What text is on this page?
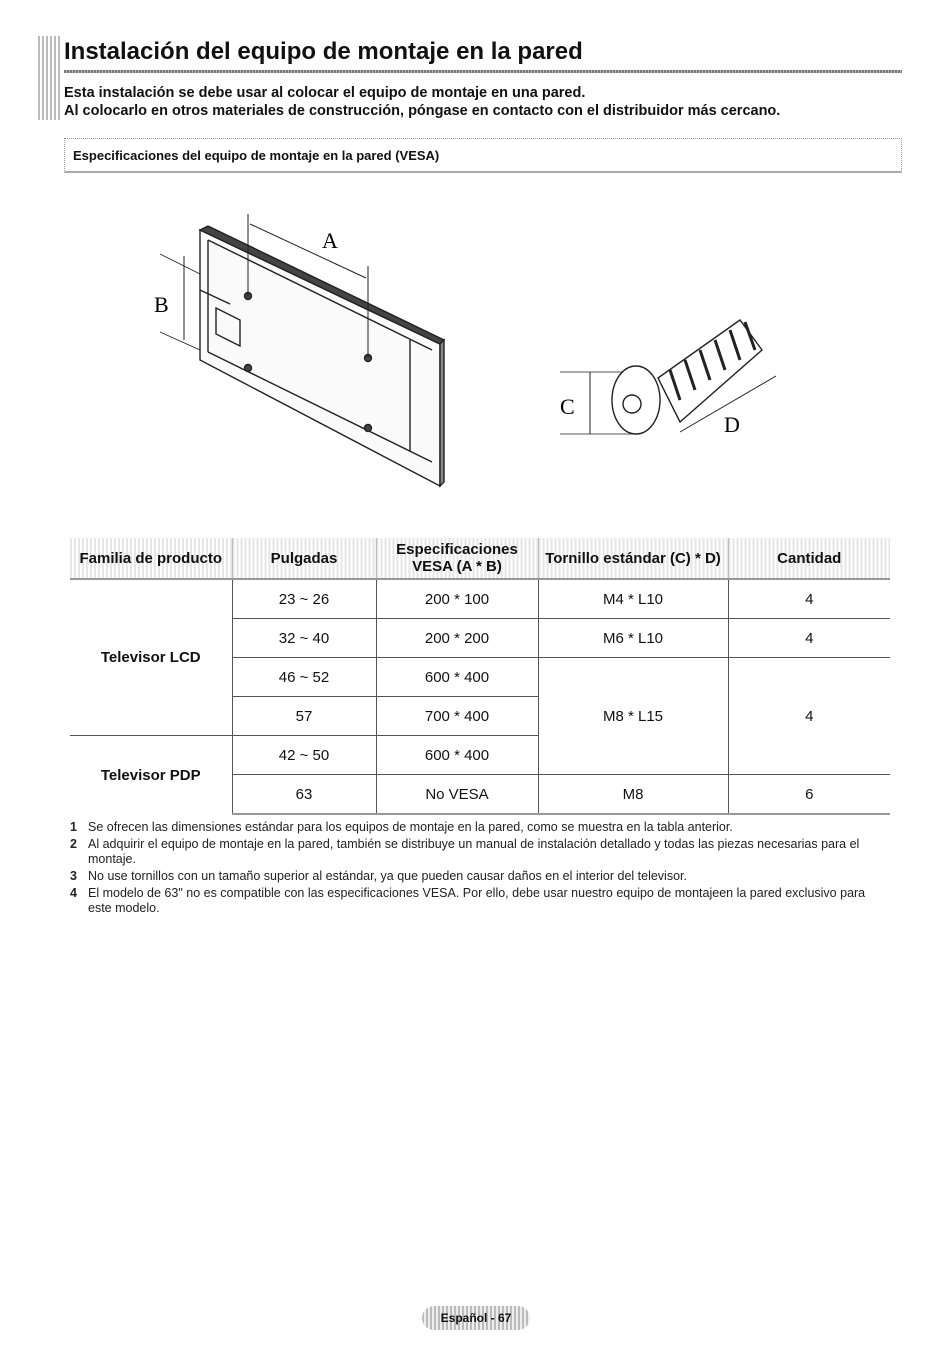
Instalación del equipo de montaje en la pared

Esta instalación se debe usar al colocar el equipo de montaje en una pared.

Al colocarlo en otros materiales de construcción, póngase en contacto con el distribuidor más cercano.

Especificaciones del equipo de montaje en la pared (VESA)
A
B
C
D
Familia de producto	Pulgadas	Especificaciones VESA (A * B)	Tornillo estándar (C) * D)	Cantidad
Televisor LCD	23 ~ 26	200 * 100	M4 * L10	4
	32 ~ 40	200 * 200	M6 * L10	4
	46 ~ 52	600 * 400	M8 * L15	4
	57	700 * 400		
Televisor PDP	42 ~ 50	600 * 400		
	63	No VESA	M8	6
1 Se ofrecen las dimensiones estándar para los equipos de montaje en la pared, como se muestra en la tabla anterior.
2 Al adquirir el equipo de montaje en la pared, también se distribuye un manual de instalación detallado y todas las piezas necesarias para el montaje.
3 No use tornillos con un tamaño superior al estándar, ya que pueden causar daños en el interior del televisor.
4 El modelo de 63" no es compatible con las especificaciones VESA. Por ello, debe usar nuestro equipo de montajeen la pared exclusivo para este modelo.
Español - 67
